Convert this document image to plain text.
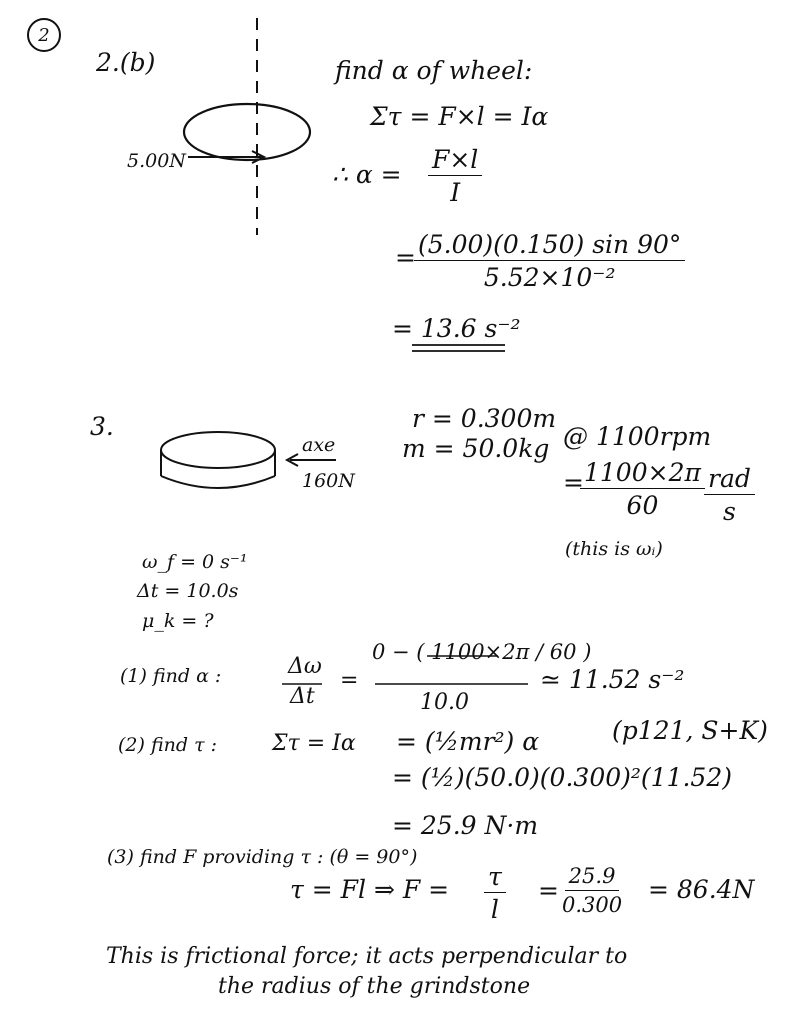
2
2.(b)
5.00N
find α of wheel:
Στ = F×l = Iα
∴ $\alpha = \frac{F\times l}{I}$
=
$\frac{(5.00)(0.150) \sin 90^\circ}{\text{5.52×10⁻²}}$
= 13.6 s⁻²
3.
axe
160N
r = 0.300m
m = 50.0kg @ 1100rpm
=
$\frac{1100\times 2\pi}{60}$ rad
s
(this is ωᵢ)
ω_f = 0 s⁻¹
Δt = 10.0s
μ_k = ?
(1) find α :	Δω
Δt
=
0 − ( 1100×2π / 60 )
10.0
≃ 11.52 s⁻²
(2) find τ : Στ = Iα = (½mr²) α	(p121, S+K)
= (½)(50.0)(0.300)²(11.52)
= 25.9 N·m
(3) find F providing τ : (θ = 90°)
τ = Fl ⇒ $F = \frac{\tau}{l} = \frac{25.9}{0.300} = 86.4N$
This is frictional force; it acts perpendicular to
the radius of the grindstone
